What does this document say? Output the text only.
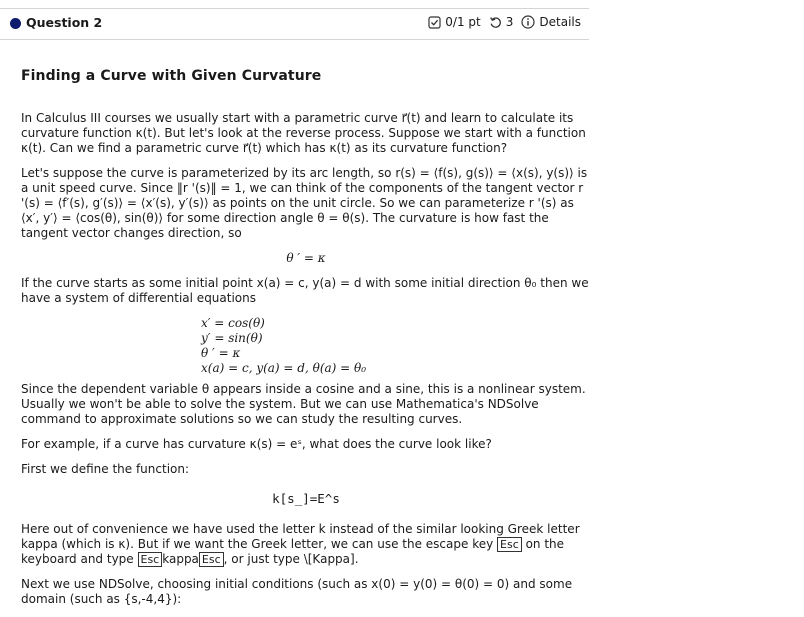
Question 2	0/1 pt 3 Details
Finding a Curve with Given Curvature

In Calculus III courses we usually start with a parametric curve r⃗(t) and learn to calculate its curvature function κ(t). But let's look at the reverse process. Suppose we start with a function κ(t). Can we find a parametric curve r⃗(t) which has κ(t) as its curvature function?

Let's suppose the curve is parameterized by its arc length, so r(s) = ⟨f(s), g(s)⟩ = ⟨x(s), y(s)⟩ is a unit speed curve. Since ‖r '(s)‖ = 1, we can think of the components of the tangent vector r '(s) = ⟨f′(s), g′(s)⟩ = ⟨x′(s), y′(s)⟩ as points on the unit circle. So we can parameterize r '(s) as ⟨x′, y′⟩ = ⟨cos(θ), sin(θ)⟩ for some direction angle θ = θ(s). The curvature is how fast the tangent vector changes direction, so

θ ′ = κ

If the curve starts as some initial point x(a) = c, y(a) = d with some initial direction θ₀ then we have a system of differential equations

x′ = cos(θ)
y′ = sin(θ)
θ ′ = κ
x(a) = c, y(a) = d, θ(a) = θ₀

Since the dependent variable θ appears inside a cosine and a sine, this is a nonlinear system. Usually we won't be able to solve the system. But we can use Mathematica's NDSolve command to approximate solutions so we can study the resulting curves.

For example, if a curve has curvature κ(s) = eˢ, what does the curve look like?

First we define the function:

k[s_]=E^s

Here out of convenience we have used the letter k instead of the similar looking Greek letter kappa (which is κ). But if we want the Greek letter, we can use the escape key Esc on the keyboard and type Esc kappa Esc , or just type \[Kappa].

Next we use NDSolve, choosing initial conditions (such as x(0) = y(0) = θ(0) = 0) and some domain (such as {s,-4,4}):
